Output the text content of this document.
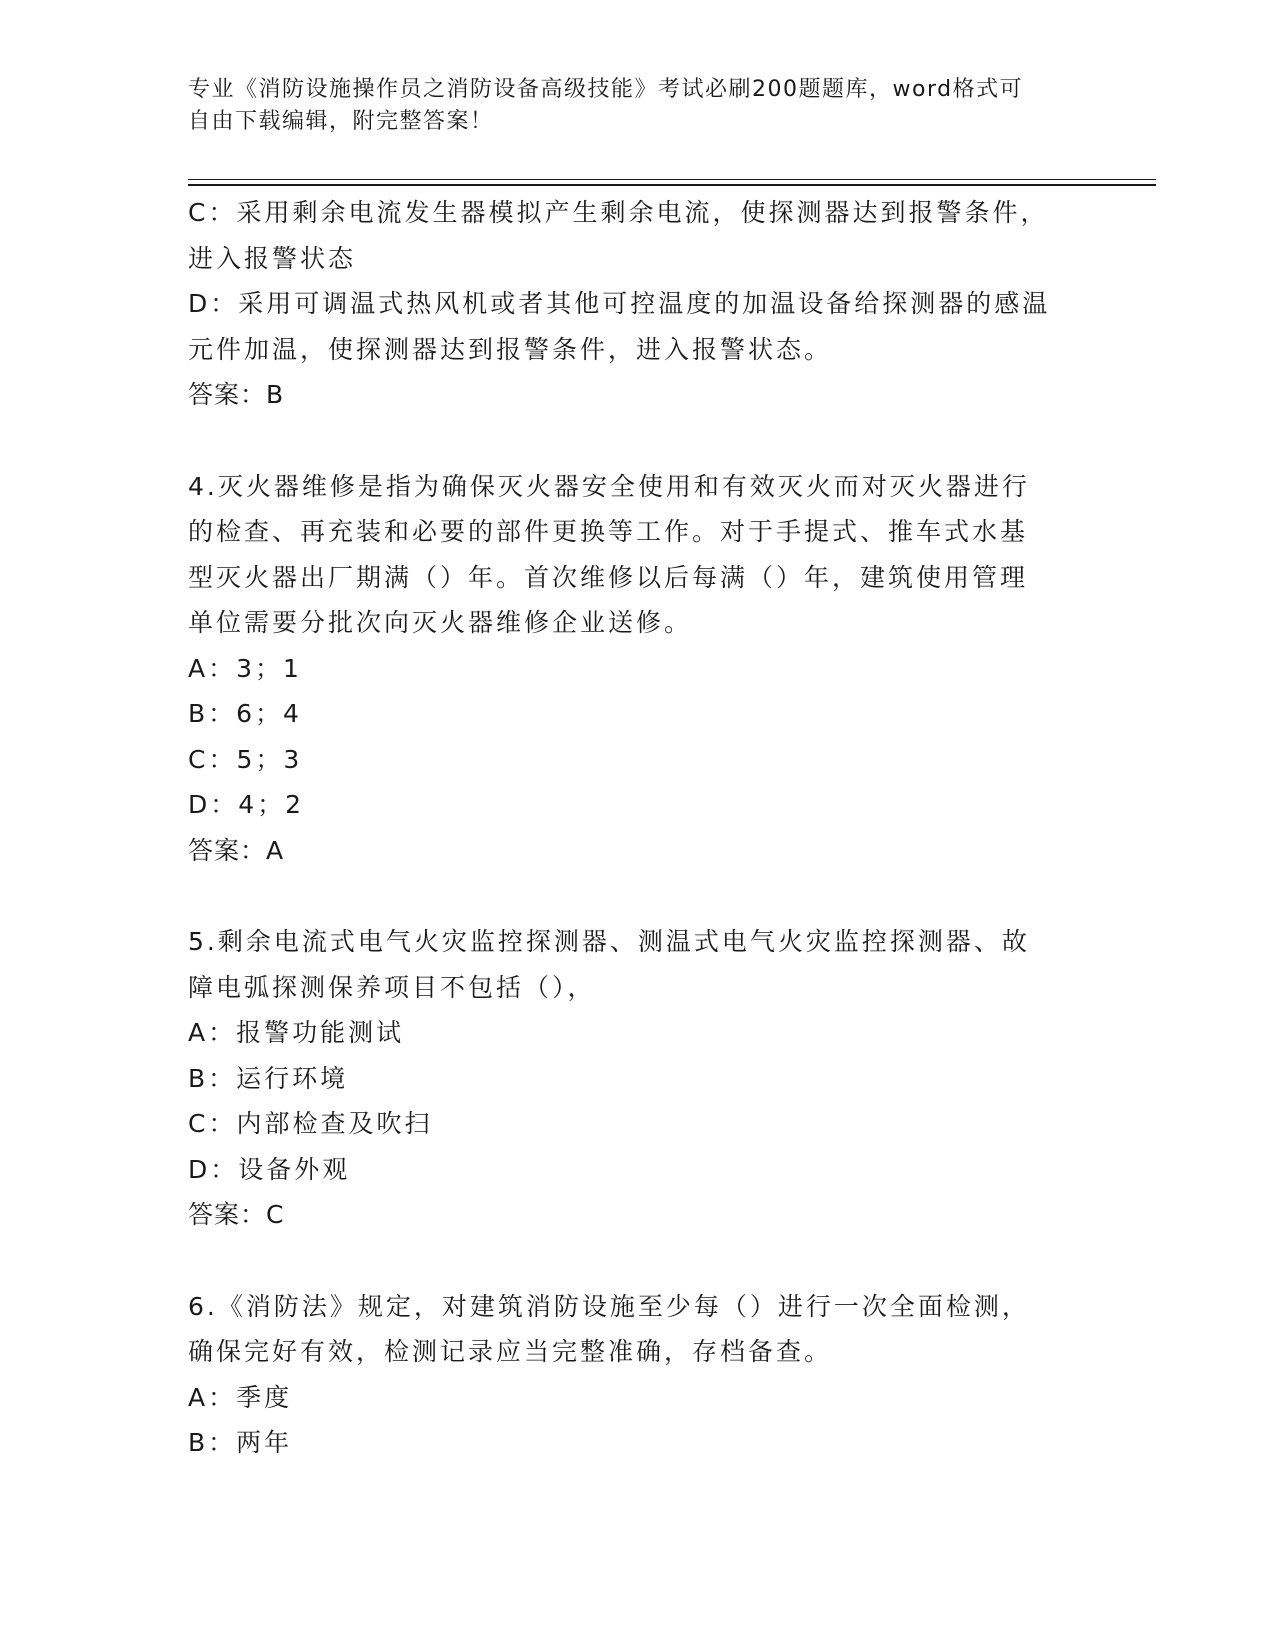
专业《消防设施操作员之消防设备高级技能》考试必刷200题题库，word格式可
自由下载编辑，附完整答案！
C：采用剩余电流发生器模拟产生剩余电流，使探测器达到报警条件，
进入报警状态
D：采用可调温式热风机或者其他可控温度的加温设备给探测器的感温
元件加温，使探测器达到报警条件，进入报警状态。
答案：B
4.灭火器维修是指为确保灭火器安全使用和有效灭火而对灭火器进行
的检查、再充装和必要的部件更换等工作。对于手提式、推车式水基
型灭火器出厂期满（）年。首次维修以后每满（）年，建筑使用管理
单位需要分批次向灭火器维修企业送修。
A：3；1
B：6；4
C：5；3
D：4；2
答案：A
5.剩余电流式电气火灾监控探测器、测温式电气火灾监控探测器、故
障电弧探测保养项目不包括（），
A：报警功能测试
B：运行环境
C：内部检查及吹扫
D：设备外观
答案：C
6.《消防法》规定，对建筑消防设施至少每（）进行一次全面检测，
确保完好有效，检测记录应当完整准确，存档备查。
A：季度
B：两年
